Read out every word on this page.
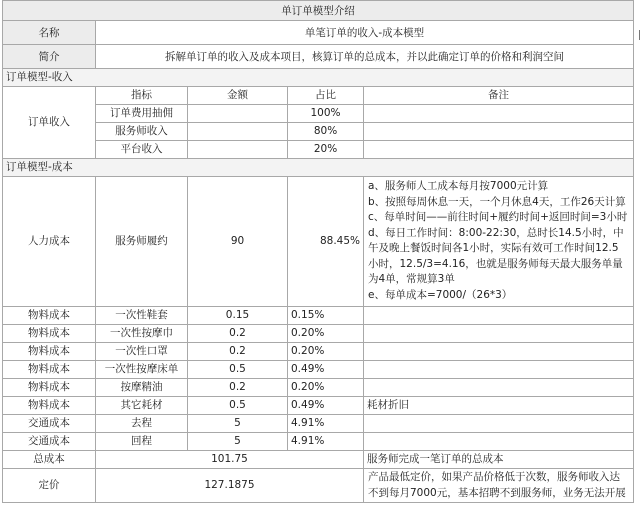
单订单模型介绍				
名称	单笔订单的收入-成本模型			
简介	拆解单订单的收入及成本项目，核算订单的总成本，并以此确定订单的价格和利润空间			
订单模型-收入				
订单收入	指标	金额	占比	备注
	订单费用抽佣		100%	
	服务师收入		80%	
	平台收入		20%	
订单模型-成本				
人力成本	服务师履约	90	88.45%	a、服务师人工成本每月按7000元计算
b、按照每周休息一天，一个月休息4天，工作26天计算
c、每单时间——前往时间+履约时间+返回时间=3小时
d、每日工作时间：8:00-22:30，总时长14.5小时，中午及晚上餐饭时间各1小时，实际有效可工作时间12.5小时，12.5/3=4.16，也就是服务师每天最大服务单量为4单，常规算3单
e、每单成本=7000/（26*3）

物料成本	一次性鞋套	0.15	0.15%	
物料成本	一次性按摩巾	0.2	0.20%	
物料成本	一次性口罩	0.2	0.20%	
物料成本	一次性按摩床单	0.5	0.49%	
物料成本	按摩精油	0.2	0.20%	
物料成本	其它耗材	0.5	0.49%	耗材折旧
交通成本	去程	5	4.91%	
交通成本	回程	5	4.91%	
总成本	101.75			服务师完成一笔订单的总成本
定价	127.1875			产品最低定价，如果产品价格低于次数，服务师收入达不到每月7000元，基本招聘不到服务师，业务无法开展
